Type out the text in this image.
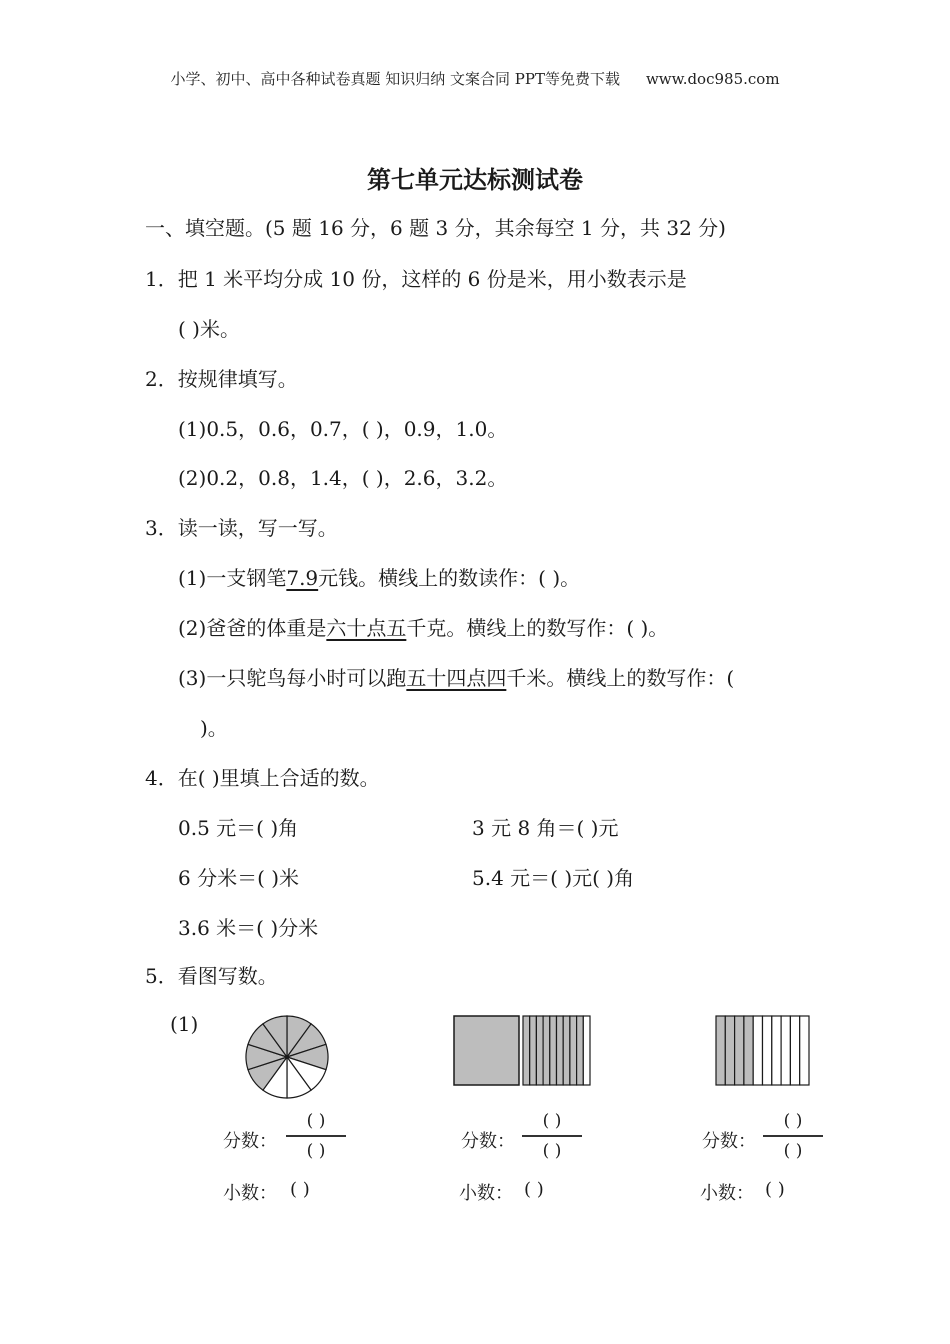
小学、初中、高中各种试卷真题 知识归纳 文案合同 PPT等免费下载 www.doc985.com
第七单元达标测试卷
一、填空题。(5 题 16 分，6 题 3 分，其余每空 1 分，共 32 分)
1．把 1 米平均分成 10 份，这样的 6 份是米，用小数表示是
( )米。
2．按规律填写。
(1)0.5，0.6，0.7，( )，0.9，1.0。
(2)0.2，0.8，1.4，( )，2.6，3.2。
3．读一读，写一写。
(1)一支钢笔7.9元钱。横线上的数读作：( )。
(2)爸爸的体重是六十点五千克。横线上的数写作：( )。
(3)一只鸵鸟每小时可以跑五十四点四千米。横线上的数写作：(
)。
4．在( )里填上合适的数。
0.5 元＝( )角	3 元 8 角＝( )元
6 分米＝( )米	5.4 元＝( )元( )角
3.6 米＝( )分米
5．看图写数。
(1)
分数：
( )
( )
小数： ( )
分数：
( )
( )
小数： ( )
分数：
( )
( )
小数： ( )
